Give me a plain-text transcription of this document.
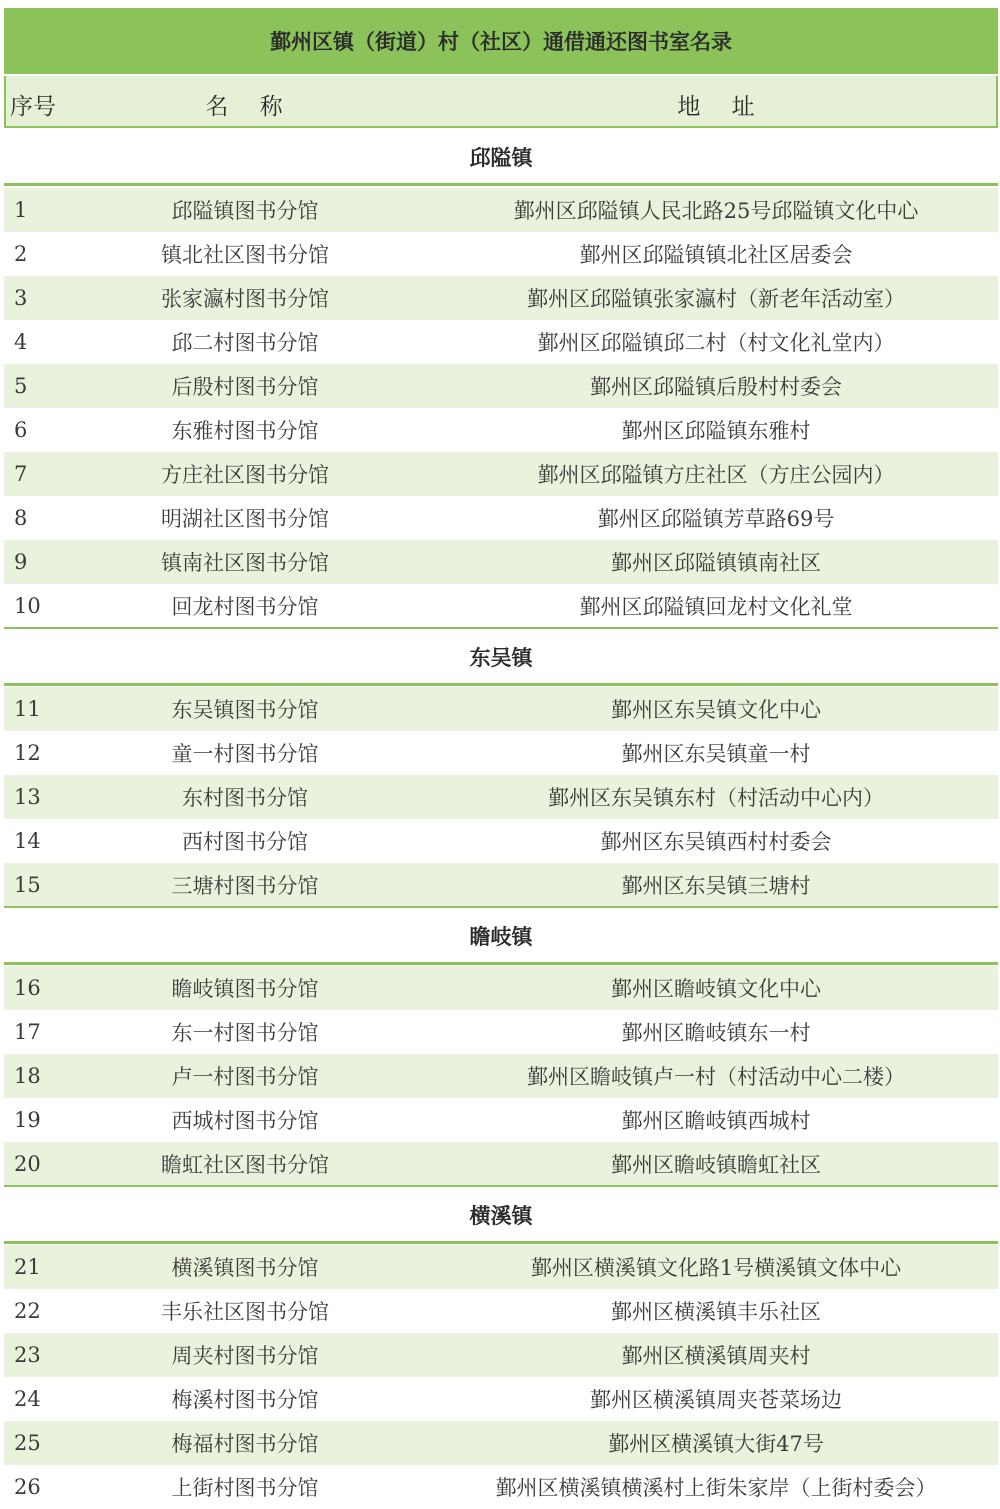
鄞州区镇（街道）村（社区）通借通还图书室名录
序号	名 称	地 址
邱隘镇
1	邱隘镇图书分馆	鄞州区邱隘镇人民北路25号邱隘镇文化中心
2	镇北社区图书分馆	鄞州区邱隘镇镇北社区居委会
3	张家瀛村图书分馆	鄞州区邱隘镇张家瀛村（新老年活动室）
4	邱二村图书分馆	鄞州区邱隘镇邱二村（村文化礼堂内）
5	后殷村图书分馆	鄞州区邱隘镇后殷村村委会
6	东雅村图书分馆	鄞州区邱隘镇东雅村
7	方庄社区图书分馆	鄞州区邱隘镇方庄社区（方庄公园内）
8	明湖社区图书分馆	鄞州区邱隘镇芳草路69号
9	镇南社区图书分馆	鄞州区邱隘镇镇南社区
10	回龙村图书分馆	鄞州区邱隘镇回龙村文化礼堂
东吴镇
11	东吴镇图书分馆	鄞州区东吴镇文化中心
12	童一村图书分馆	鄞州区东吴镇童一村
13	东村图书分馆	鄞州区东吴镇东村（村活动中心内）
14	西村图书分馆	鄞州区东吴镇西村村委会
15	三塘村图书分馆	鄞州区东吴镇三塘村
瞻岐镇
16	瞻岐镇图书分馆	鄞州区瞻岐镇文化中心
17	东一村图书分馆	鄞州区瞻岐镇东一村
18	卢一村图书分馆	鄞州区瞻岐镇卢一村（村活动中心二楼）
19	西城村图书分馆	鄞州区瞻岐镇西城村
20	瞻虹社区图书分馆	鄞州区瞻岐镇瞻虹社区
横溪镇
21	横溪镇图书分馆	鄞州区横溪镇文化路1号横溪镇文体中心
22	丰乐社区图书分馆	鄞州区横溪镇丰乐社区
23	周夹村图书分馆	鄞州区横溪镇周夹村
24	梅溪村图书分馆	鄞州区横溪镇周夹苍菜场边
25	梅福村图书分馆	鄞州区横溪镇大街47号
26	上街村图书分馆	鄞州区横溪镇横溪村上街朱家岸（上街村委会）
